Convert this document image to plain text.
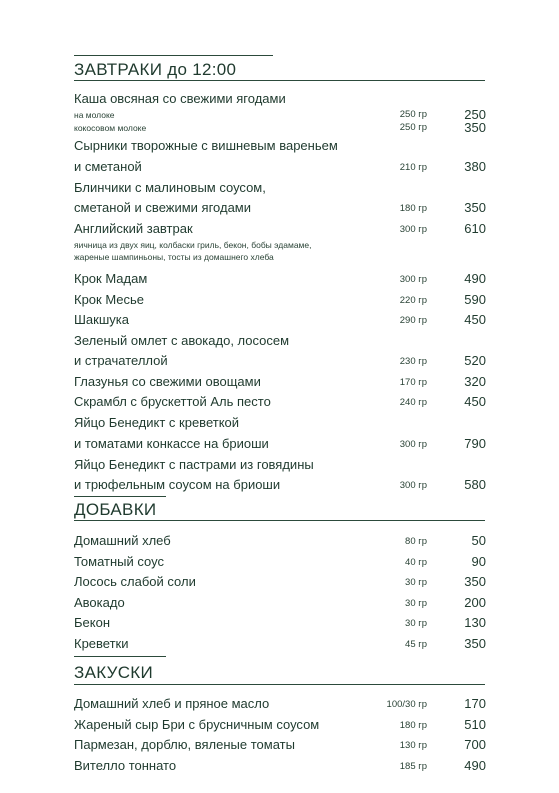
ЗАВТРАКИ до 12:00
Каша овсяная со свежими ягодами
на молоке	250 гр	250
кокосовом молоке	250 гр	350
Сырники творожные с вишневым вареньем
и сметаной	210 гр	380
Блинчики с малиновым соусом,
сметаной и свежими ягодами	180 гр	350
Английский завтрак	300 гр	610
яичница из двух яиц, колбаски гриль, бекон, бобы эдамаме,
жареные шампиньоны, тосты из домашнего хлеба
Крок Мадам	300 гр	490
Крок Месье	220 гр	590
Шакшука	290 гр	450
Зеленый омлет с авокадо, лососем
и страчателлой	230 гр	520
Глазунья со свежими овощами	170 гр	320
Скрамбл с брускеттой Аль песто	240 гр	450
Яйцо Бенедикт с креветкой
и томатами конкассе на бриоши	300 гр	790
Яйцо Бенедикт с пастрами из говядины
и трюфельным соусом на бриоши	300 гр	580
ДОБАВКИ
Домашний хлеб	80 гр	50
Томатный соус	40 гр	90
Лосось слабой соли	30 гр	350
Авокадо	30 гр	200
Бекон	30 гр	130
Креветки	45 гр	350
ЗАКУСКИ
Домашний хлеб и пряное масло	100/30 гр	170
Жареный сыр Бри с брусничным соусом	180 гр	510
Пармезан, дорблю, вяленые томаты	130 гр	700
Вителло тоннато	185 гр	490
